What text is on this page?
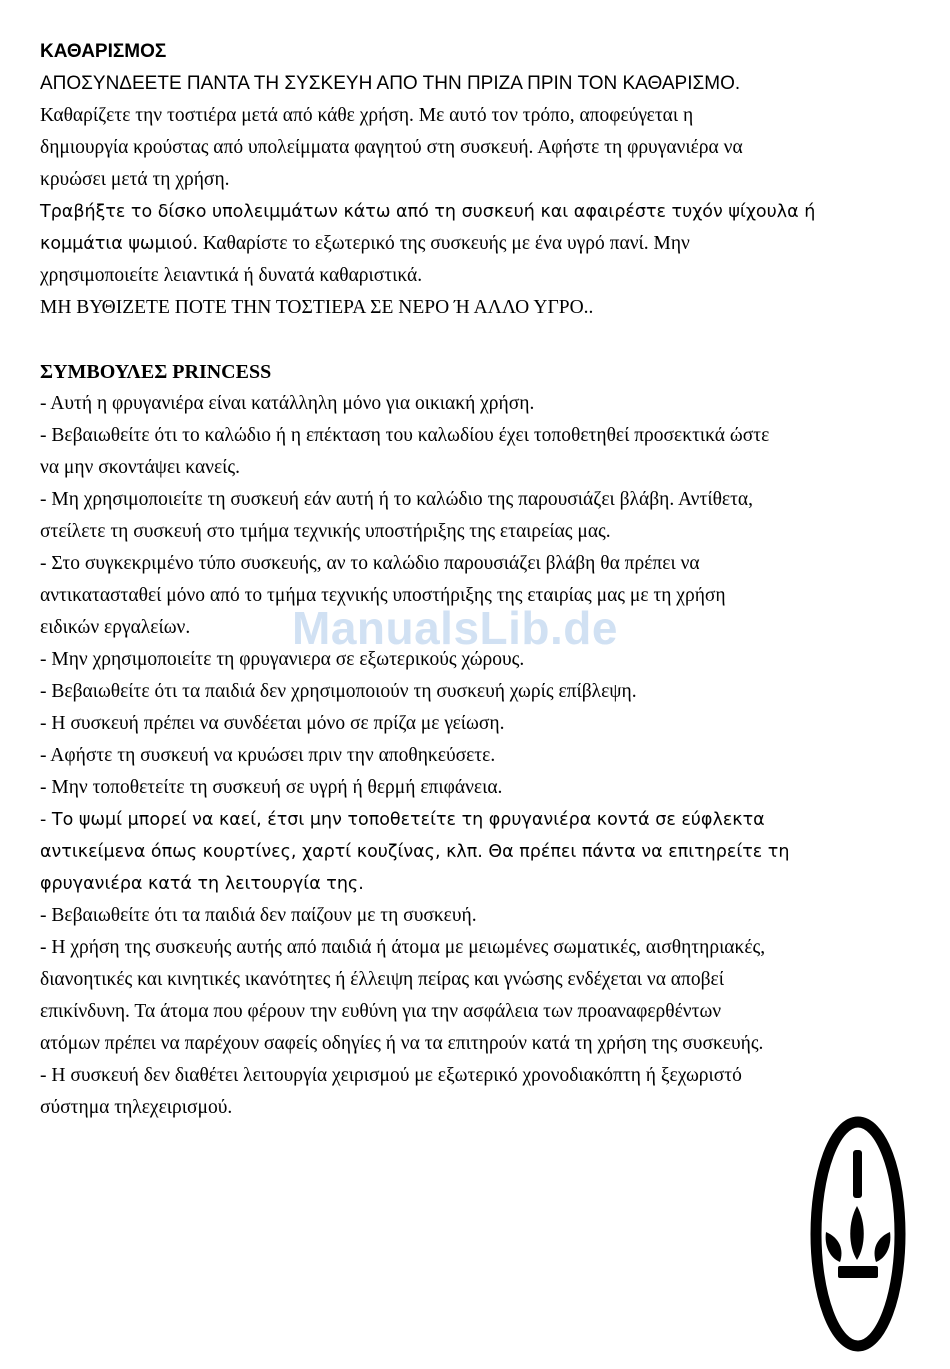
ΚΑΘΑΡΙΣΜΟΣ
ΑΠΟΣΥΝΔΕΕΤΕ ΠΑΝΤΑ ΤΗ ΣΥΣΚΕΥΗ ΑΠΟ ΤΗΝ ΠΡΙΖΑ ΠΡΙΝ ΤΟΝ ΚΑΘΑΡΙΣΜΟ.
Καθαρίζετε την τοστιέρα μετά από κάθε χρήση. Με αυτό τον τρόπο, αποφεύγεται η
δημιουργία κρούστας από υπολείμματα φαγητού στη συσκευή. Αφήστε τη φρυγανιέρα να
κρυώσει μετά τη χρήση.
Τραβήξτε το δίσκο υπολειμμάτων κάτω από τη συσκευή και αφαιρέστε τυχόν ψίχουλα ή
κομμάτια ψωμιού. Καθαρίστε το εξωτερικό της συσκευής με ένα υγρό πανί. Μην
χρησιμοποιείτε λειαντικά ή δυνατά καθαριστικά.
ΜΗ ΒΥΘΙΖΕΤΕ ΠΟΤΕ ΤΗΝ ΤΟΣΤΙΕΡΑ ΣΕ ΝΕΡΟ Ή ΑΛΛΟ ΥΓΡΟ..
ΣΥΜΒΟΥΛΕΣ PRINCESS
- Αυτή η φρυγανιέρα είναι κατάλληλη μόνο για οικιακή χρήση.
- Βεβαιωθείτε ότι το καλώδιο ή η επέκταση του καλωδίου έχει τοποθετηθεί προσεκτικά ώστε
να μην σκοντάψει κανείς.
- Μη χρησιμοποιείτε τη συσκευή εάν αυτή ή το καλώδιο της παρουσιάζει βλάβη. Αντίθετα,
στείλετε τη συσκευή στο τμήμα τεχνικής υποστήριξης της εταιρείας μας.
- Στο συγκεκριμένο τύπο συσκευής, αν το καλώδιο παρουσιάζει βλάβη θα πρέπει να
αντικατασταθεί μόνο από το τμήμα τεχνικής υποστήριξης της εταιρίας μας με τη χρήση
ειδικών εργαλείων.
- Μην χρησιμοποιείτε τη φρυγανιερα σε εξωτερικούς χώρους.
- Βεβαιωθείτε ότι τα παιδιά δεν χρησιμοποιούν τη συσκευή χωρίς επίβλεψη.
- Η συσκευή πρέπει να συνδέεται μόνο σε πρίζα με γείωση.
- Αφήστε τη συσκευή να κρυώσει πριν την αποθηκεύσετε.
- Μην τοποθετείτε τη συσκευή σε υγρή ή θερμή επιφάνεια.
- Το ψωμί μπορεί να καεί, έτσι μην τοποθετείτε τη φρυγανιέρα κοντά σε εύφλεκτα
αντικείμενα όπως κουρτίνες, χαρτί κουζίνας, κλπ. Θα πρέπει πάντα να επιτηρείτε τη
φρυγανιέρα κατά τη λειτουργία της.
- Βεβαιωθείτε ότι τα παιδιά δεν παίζουν με τη συσκευή.
- Η χρήση της συσκευής αυτής από παιδιά ή άτομα με μειωμένες σωματικές, αισθητηριακές,
διανοητικές και κινητικές ικανότητες ή έλλειψη πείρας και γνώσης ενδέχεται να αποβεί
επικίνδυνη. Τα άτομα που φέρουν την ευθύνη για την ασφάλεια των προαναφερθέντων
ατόμων πρέπει να παρέχουν σαφείς οδηγίες ή να τα επιτηρούν κατά τη χρήση της συσκευής.
- Η συσκευή δεν διαθέτει λειτουργία χειρισμού με εξωτερικό χρονοδιακόπτη ή ξεχωριστό
σύστημα τηλεχειρισμού.
ManualsLib.de
